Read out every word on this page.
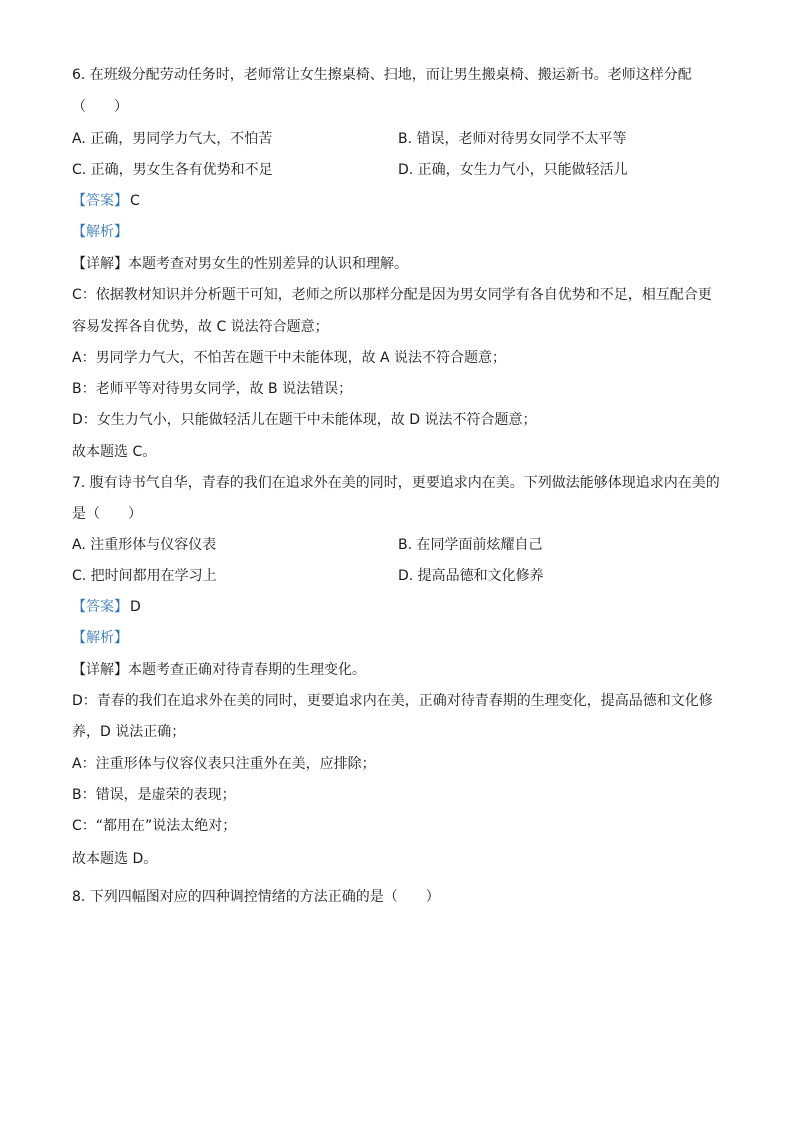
6. 在班级分配劳动任务时，老师常让女生擦桌椅、扫地，而让男生搬桌椅、搬运新书。老师这样分配
（　　）
A. 正确，男同学力气大，不怕苦	B. 错误，老师对待男女同学不太平等
C. 正确，男女生各有优势和不足	D. 正确，女生力气小，只能做轻活儿
【答案】 C
【解析】
【详解】本题考查对男女生的性别差异的认识和理解。
C：依据教材知识并分析题干可知，老师之所以那样分配是因为男女同学有各自优势和不足，相互配合更
容易发挥各自优势，故 C 说法符合题意；
A：男同学力气大，不怕苦在题干中未能体现，故 A 说法不符合题意；
B：老师平等对待男女同学，故 B 说法错误；
D：女生力气小，只能做轻活儿在题干中未能体现，故 D 说法不符合题意；
故本题选 C。
7. 腹有诗书气自华，青春的我们在追求外在美的同时，更要追求内在美。下列做法能够体现追求内在美的
是（　　）
A. 注重形体与仪容仪表	B. 在同学面前炫耀自己
C. 把时间都用在学习上	D. 提高品德和文化修养
【答案】 D
【解析】
【详解】本题考查正确对待青春期的生理变化。
D：青春的我们在追求外在美的同时，更要追求内在美，正确对待青春期的生理变化，提高品德和文化修
养，D 说法正确；
A：注重形体与仪容仪表只注重外在美，应排除；
B：错误，是虚荣的表现；
C：“都用在”说法太绝对；
故本题选 D。
8. 下列四幅图对应的四种调控情绪的方法正确的是（　　）
